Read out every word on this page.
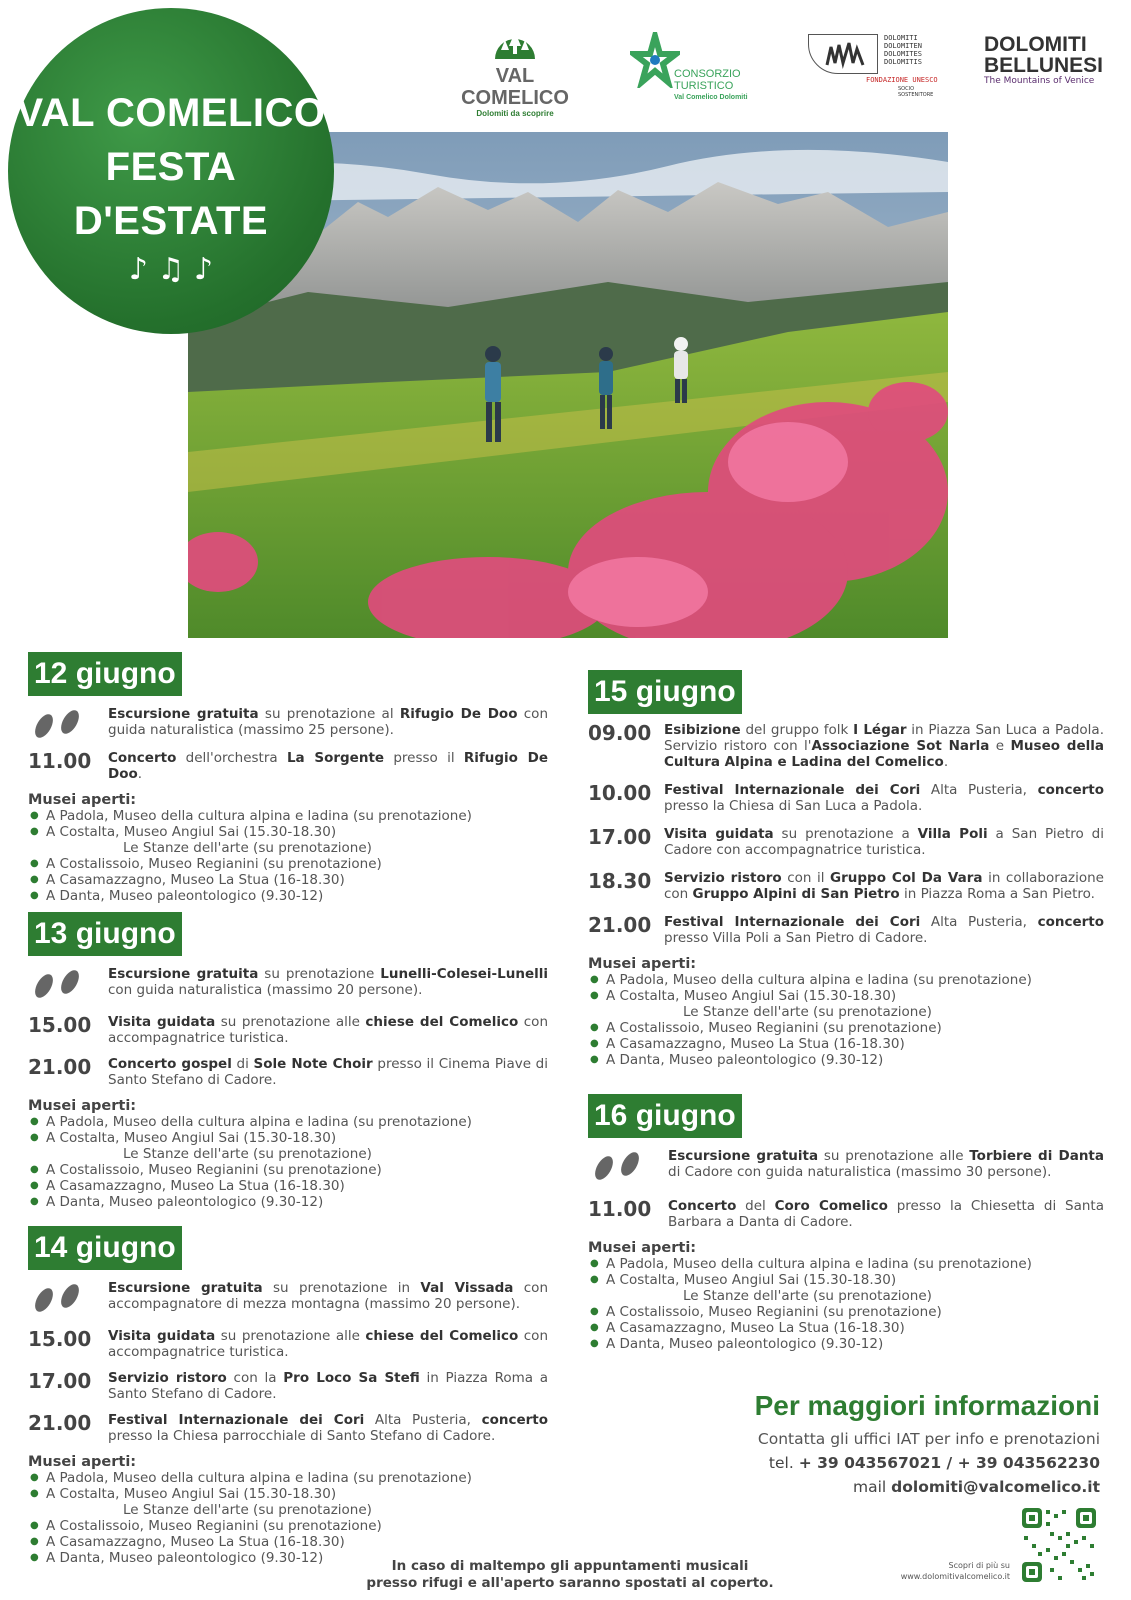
VAL COMELICO
FESTA
D'ESTATE
♪ ♫ ♪
VAL COMELICO
Dolomiti da scoprire
CONSORZIO
TURISTICO
Val Comelico Dolomiti
DOLOMITI
DOLOMITEN
DOLOMITES
DOLOMITIS
FONDAZIONE UNESCO
SOCIO SOSTENITORE
DOLOMITI
BELLUNESI
The Mountains of Venice
12 giugno
Escursione gratuita su prenotazione al Rifugio De Doo con guida naturalistica (massimo 25 persone).
11.00	Concerto dell'orchestra La Sorgente presso il Rifugio De Doo.
Musei aperti:
● A Padola, Museo della cultura alpina e ladina (su prenotazione)
● A Costalta, Museo Angiul Sai (15.30-18.30)
Le Stanze dell'arte (su prenotazione)
● A Costalissoio, Museo Regianini (su prenotazione)
● A Casamazzagno, Museo La Stua (16-18.30)
● A Danta, Museo paleontologico (9.30-12)
13 giugno
Escursione gratuita su prenotazione Lunelli-Colesei-Lunelli con guida naturalistica (massimo 20 persone).
15.00	Visita guidata su prenotazione alle chiese del Comelico con accompagnatrice turistica.
21.00	Concerto gospel di Sole Note Choir presso il Cinema Piave di Santo Stefano di Cadore.
Musei aperti:
● A Padola, Museo della cultura alpina e ladina (su prenotazione)
● A Costalta, Museo Angiul Sai (15.30-18.30)
Le Stanze dell'arte (su prenotazione)
● A Costalissoio, Museo Regianini (su prenotazione)
● A Casamazzagno, Museo La Stua (16-18.30)
● A Danta, Museo paleontologico (9.30-12)
14 giugno
Escursione gratuita su prenotazione in Val Vissada con accompagnatore di mezza montagna (massimo 20 persone).
15.00	Visita guidata su prenotazione alle chiese del Comelico con accompagnatrice turistica.
17.00	Servizio ristoro con la Pro Loco Sa Stefi in Piazza Roma a Santo Stefano di Cadore.
21.00	Festival Internazionale dei Cori Alta Pusteria, concerto presso la Chiesa parrocchiale di Santo Stefano di Cadore.
Musei aperti:
● A Padola, Museo della cultura alpina e ladina (su prenotazione)
● A Costalta, Museo Angiul Sai (15.30-18.30)
Le Stanze dell'arte (su prenotazione)
● A Costalissoio, Museo Regianini (su prenotazione)
● A Casamazzagno, Museo La Stua (16-18.30)
● A Danta, Museo paleontologico (9.30-12)
15 giugno
09.00 Esibizione del gruppo folk I Légar in Piazza San Luca a Padola. Servizio ristoro con l'Associazione Sot Narla e Museo della Cultura Alpina e Ladina del Comelico.
10.00 Festival Internazionale dei Cori Alta Pusteria, concerto presso la Chiesa di San Luca a Padola.
17.00 Visita guidata su prenotazione a Villa Poli a San Pietro di Cadore con accompagnatrice turistica.
18.30 Servizio ristoro con il Gruppo Col Da Vara in collaborazione con Gruppo Alpini di San Pietro in Piazza Roma a San Pietro.
21.00 Festival Internazionale dei Cori Alta Pusteria, concerto presso Villa Poli a San Pietro di Cadore.
Musei aperti:
● A Padola, Museo della cultura alpina e ladina (su prenotazione)
● A Costalta, Museo Angiul Sai (15.30-18.30)
Le Stanze dell'arte (su prenotazione)
● A Costalissoio, Museo Regianini (su prenotazione)
● A Casamazzagno, Museo La Stua (16-18.30)
● A Danta, Museo paleontologico (9.30-12)
16 giugno
Escursione gratuita su prenotazione alle Torbiere di Danta di Cadore con guida naturalistica (massimo 30 persone).
11.00	Concerto del Coro Comelico presso la Chiesetta di Santa Barbara a Danta di Cadore.
Musei aperti:
● A Padola, Museo della cultura alpina e ladina (su prenotazione)
● A Costalta, Museo Angiul Sai (15.30-18.30)
Le Stanze dell'arte (su prenotazione)
● A Costalissoio, Museo Regianini (su prenotazione)
● A Casamazzagno, Museo La Stua (16-18.30)
● A Danta, Museo paleontologico (9.30-12)
Per maggiori informazioni
Contatta gli uffici IAT per info e prenotazioni
tel. + 39 043567021 / + 39 043562230
mail dolomiti@valcomelico.it
Scopri di più su
www.dolomitivalcomelico.it
In caso di maltempo gli appuntamenti musicali
presso rifugi e all'aperto saranno spostati al coperto.
